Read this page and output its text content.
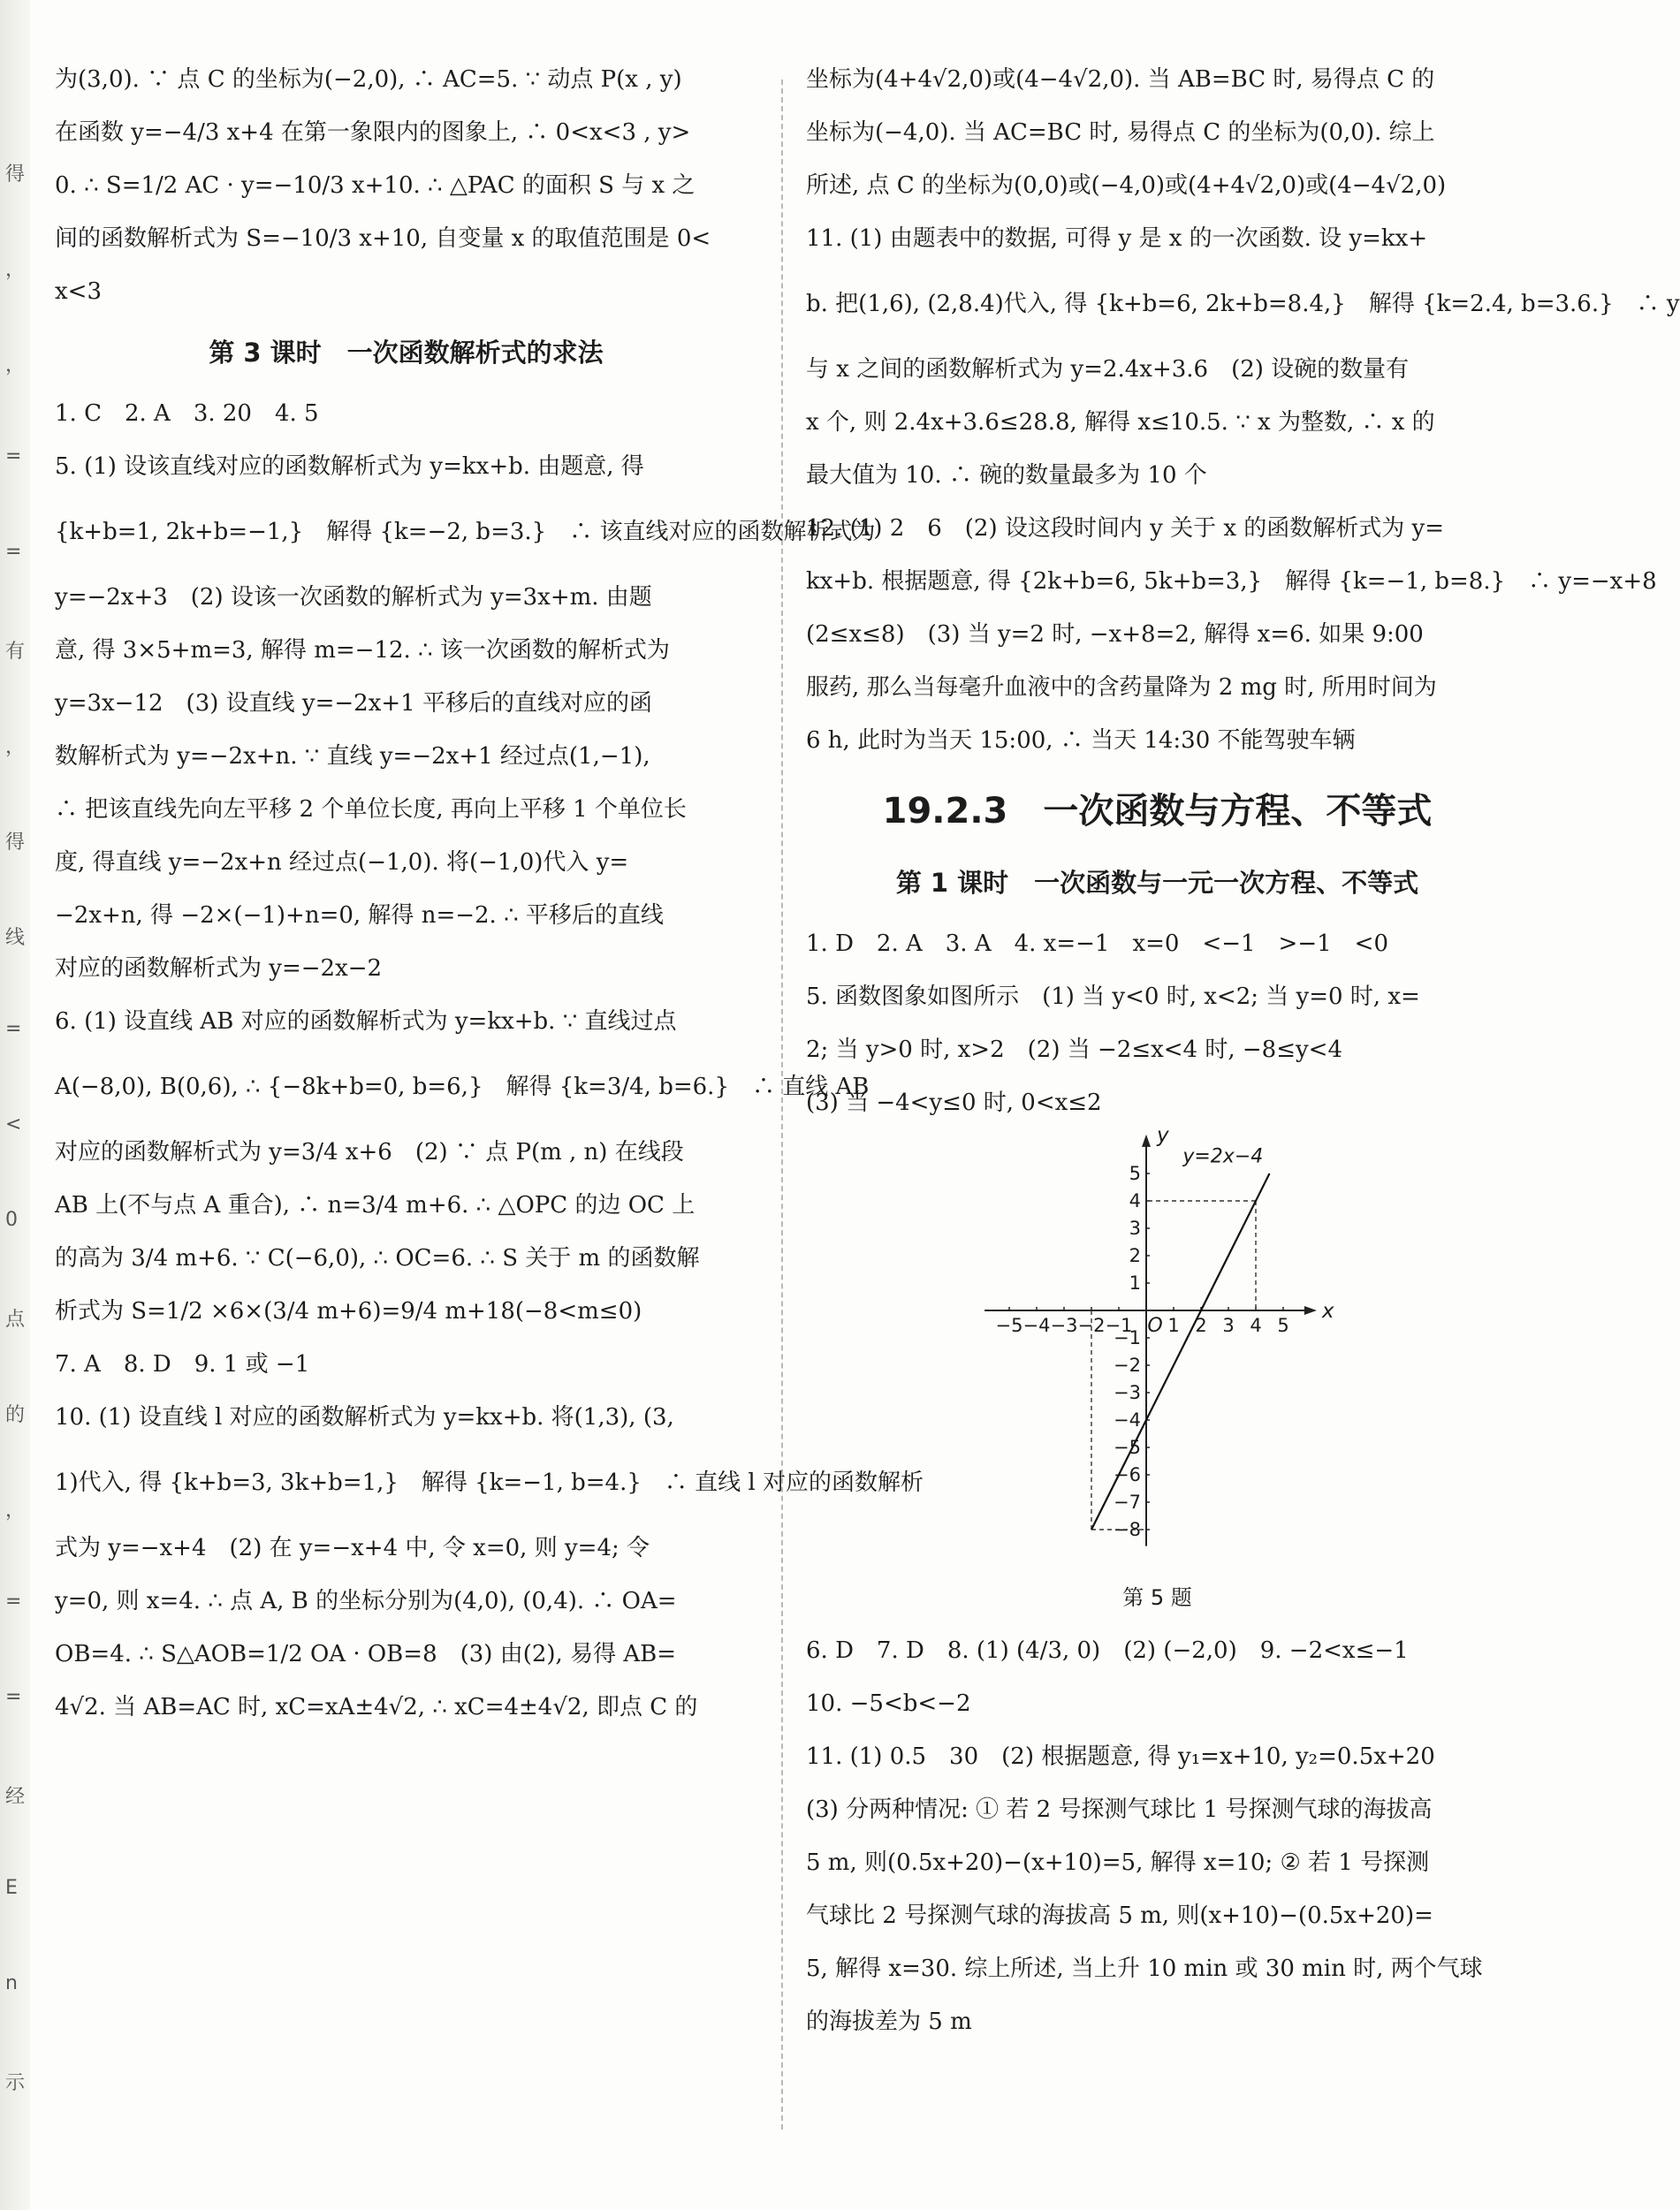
得
，
，
=
=
有
，
得
线
=
<
0
点
的
，
=
=
经
E
n
示
为(3,0). ∵ 点 C 的坐标为(−2,0), ∴ AC=5. ∵ 动点 P(x , y)
在函数 y=−4/3 x+4 在第一象限内的图象上, ∴ 0<x<3 , y>
0. ∴ S=1/2 AC · y=−10/3 x+10. ∴ △PAC 的面积 S 与 x 之
间的函数解析式为 S=−10/3 x+10, 自变量 x 的取值范围是 0<
x<3
第 3 课时　一次函数解析式的求法
1. C　2. A　3. 20　4. 5
5. (1) 设该直线对应的函数解析式为 y=kx+b. 由题意, 得
{k+b=1, 2k+b=−1,}　解得 {k=−2, b=3.}　∴ 该直线对应的函数解析式为
y=−2x+3　(2) 设该一次函数的解析式为 y=3x+m. 由题
意, 得 3×5+m=3, 解得 m=−12. ∴ 该一次函数的解析式为
y=3x−12　(3) 设直线 y=−2x+1 平移后的直线对应的函
数解析式为 y=−2x+n. ∵ 直线 y=−2x+1 经过点(1,−1),
∴ 把该直线先向左平移 2 个单位长度, 再向上平移 1 个单位长
度, 得直线 y=−2x+n 经过点(−1,0). 将(−1,0)代入 y=
−2x+n, 得 −2×(−1)+n=0, 解得 n=−2. ∴ 平移后的直线
对应的函数解析式为 y=−2x−2
6. (1) 设直线 AB 对应的函数解析式为 y=kx+b. ∵ 直线过点
A(−8,0), B(0,6), ∴ {−8k+b=0, b=6,}　解得 {k=3/4, b=6.}　∴ 直线 AB
对应的函数解析式为 y=3/4 x+6　(2) ∵ 点 P(m , n) 在线段
AB 上(不与点 A 重合), ∴ n=3/4 m+6. ∴ △OPC 的边 OC 上
的高为 3/4 m+6. ∵ C(−6,0), ∴ OC=6. ∴ S 关于 m 的函数解
析式为 S=1/2 ×6×(3/4 m+6)=9/4 m+18(−8<m≤0)
7. A　8. D　9. 1 或 −1
10. (1) 设直线 l 对应的函数解析式为 y=kx+b. 将(1,3), (3,
1)代入, 得 {k+b=3, 3k+b=1,}　解得 {k=−1, b=4.}　∴ 直线 l 对应的函数解析
式为 y=−x+4　(2) 在 y=−x+4 中, 令 x=0, 则 y=4; 令
y=0, 则 x=4. ∴ 点 A, B 的坐标分别为(4,0), (0,4). ∴ OA=
OB=4. ∴ S△AOB=1/2 OA · OB=8　(3) 由(2), 易得 AB=
4√2. 当 AB=AC 时, xC=xA±4√2, ∴ xC=4±4√2, 即点 C 的
坐标为(4+4√2,0)或(4−4√2,0). 当 AB=BC 时, 易得点 C 的
坐标为(−4,0). 当 AC=BC 时, 易得点 C 的坐标为(0,0). 综上
所述, 点 C 的坐标为(0,0)或(−4,0)或(4+4√2,0)或(4−4√2,0)
11. (1) 由题表中的数据, 可得 y 是 x 的一次函数. 设 y=kx+
b. 把(1,6), (2,8.4)代入, 得 {k+b=6, 2k+b=8.4,}　解得 {k=2.4, b=3.6.}　∴ y
与 x 之间的函数解析式为 y=2.4x+3.6　(2) 设碗的数量有
x 个, 则 2.4x+3.6≤28.8, 解得 x≤10.5. ∵ x 为整数, ∴ x 的
最大值为 10. ∴ 碗的数量最多为 10 个
12. (1) 2　6　(2) 设这段时间内 y 关于 x 的函数解析式为 y=
kx+b. 根据题意, 得 {2k+b=6, 5k+b=3,}　解得 {k=−1, b=8.}　∴ y=−x+8
(2≤x≤8)　(3) 当 y=2 时, −x+8=2, 解得 x=6. 如果 9:00
服药, 那么当每毫升血液中的含药量降为 2 mg 时, 所用时间为
6 h, 此时为当天 15:00, ∴ 当天 14:30 不能驾驶车辆
19.2.3　一次函数与方程、不等式
第 1 课时　一次函数与一元一次方程、不等式
1. D　2. A　3. A　4. x=−1　x=0　<−1　>−1　<0
5. 函数图象如图所示　(1) 当 y<0 时, x<2; 当 y=0 时, x=
2; 当 y>0 时, x>2　(2) 当 −2≤x<4 时, −8≤y<4
(3) 当 −4<y≤0 时, 0<x≤2
x
y
O
−5 −4 −3 −2 −1 1 2 3 4 5
5
4
3
2
1
−1
−2
−3
−4
−5
−6
−7
−8
y=2x−4
第 5 题
6. D　7. D　8. (1) (4/3, 0)　(2) (−2,0)　9. −2<x≤−1
10. −5<b<−2
11. (1) 0.5　30　(2) 根据题意, 得 y₁=x+10, y₂=0.5x+20
(3) 分两种情况: ① 若 2 号探测气球比 1 号探测气球的海拔高
5 m, 则(0.5x+20)−(x+10)=5, 解得 x=10; ② 若 1 号探测
气球比 2 号探测气球的海拔高 5 m, 则(x+10)−(0.5x+20)=
5, 解得 x=30. 综上所述, 当上升 10 min 或 30 min 时, 两个气球
的海拔差为 5 m
